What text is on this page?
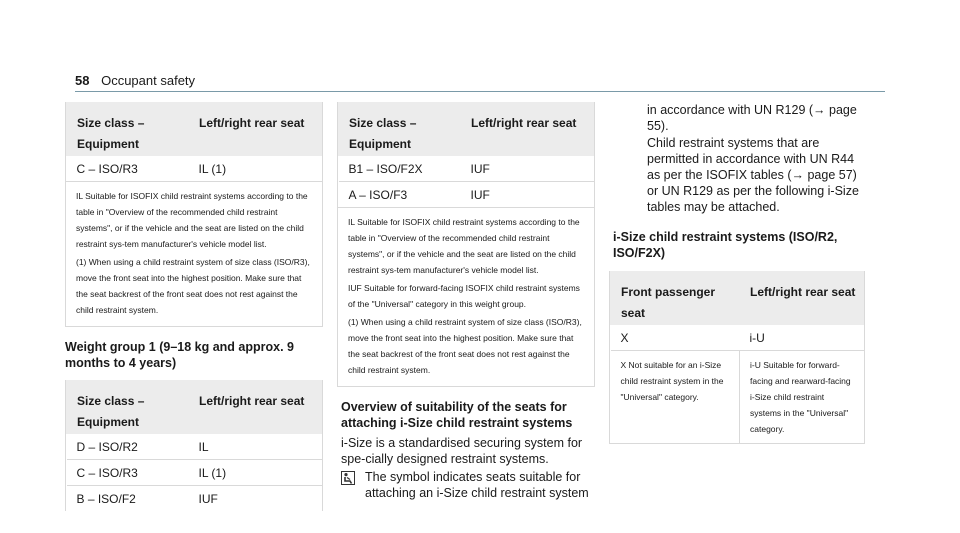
58 Occupant safety
Size class –
Equipment	Left/right rear seat
C – ISO/R3	IL (1)

IL Suitable for ISOFIX child restraint systems according to the table in "Overview of the recommended child restraint systems", or if the vehicle and the seat are listed on the child restraint sys-tem manufacturer's vehicle model list.

(1) When using a child restraint system of size class (ISO/R3), move the front seat into the highest position. Make sure that the seat backrest of the front seat does not rest against the child restraint system.

Weight group 1 (9–18 kg and approx. 9 months to 4 years)
Size class –
Equipment	Left/right rear seat
D – ISO/R2	IL
C – ISO/R3	IL (1)
B – ISO/F2	IUF
Size class –
Equipment	Left/right rear seat
B1 – ISO/F2X	IUF
A – ISO/F3	IUF

IL Suitable for ISOFIX child restraint systems according to the table in "Overview of the recommended child restraint systems", or if the vehicle and the seat are listed on the child restraint sys-tem manufacturer's vehicle model list.

IUF Suitable for forward-facing ISOFIX child restraint systems of the "Universal" category in this weight group.

(1) When using a child restraint system of size class (ISO/R3), move the front seat into the highest position. Make sure that the seat backrest of the front seat does not rest against the child restraint system.

Overview of suitability of the seats for attaching i-Size child restraint systems
i-Size is a standardised securing system for spe-cially designed restraint systems.
The symbol indicates seats suitable for attaching an i-Size child restraint system
in accordance with UN R129 (→ page 55).
Child restraint systems that are permitted in accordance with UN R44 as per the ISOFIX tables (→ page 57) or UN R129 as per the following i-Size tables may be attached.
i-Size child restraint systems (ISO/R2, ISO/F2X)
Front passenger seat	Left/right rear seat
X	i-U
X Not suitable for an i-Size child restraint system in the "Universal" category.	i-U Suitable for forward-facing and rearward-facing i-Size child restraint systems in the "Universal" category.
